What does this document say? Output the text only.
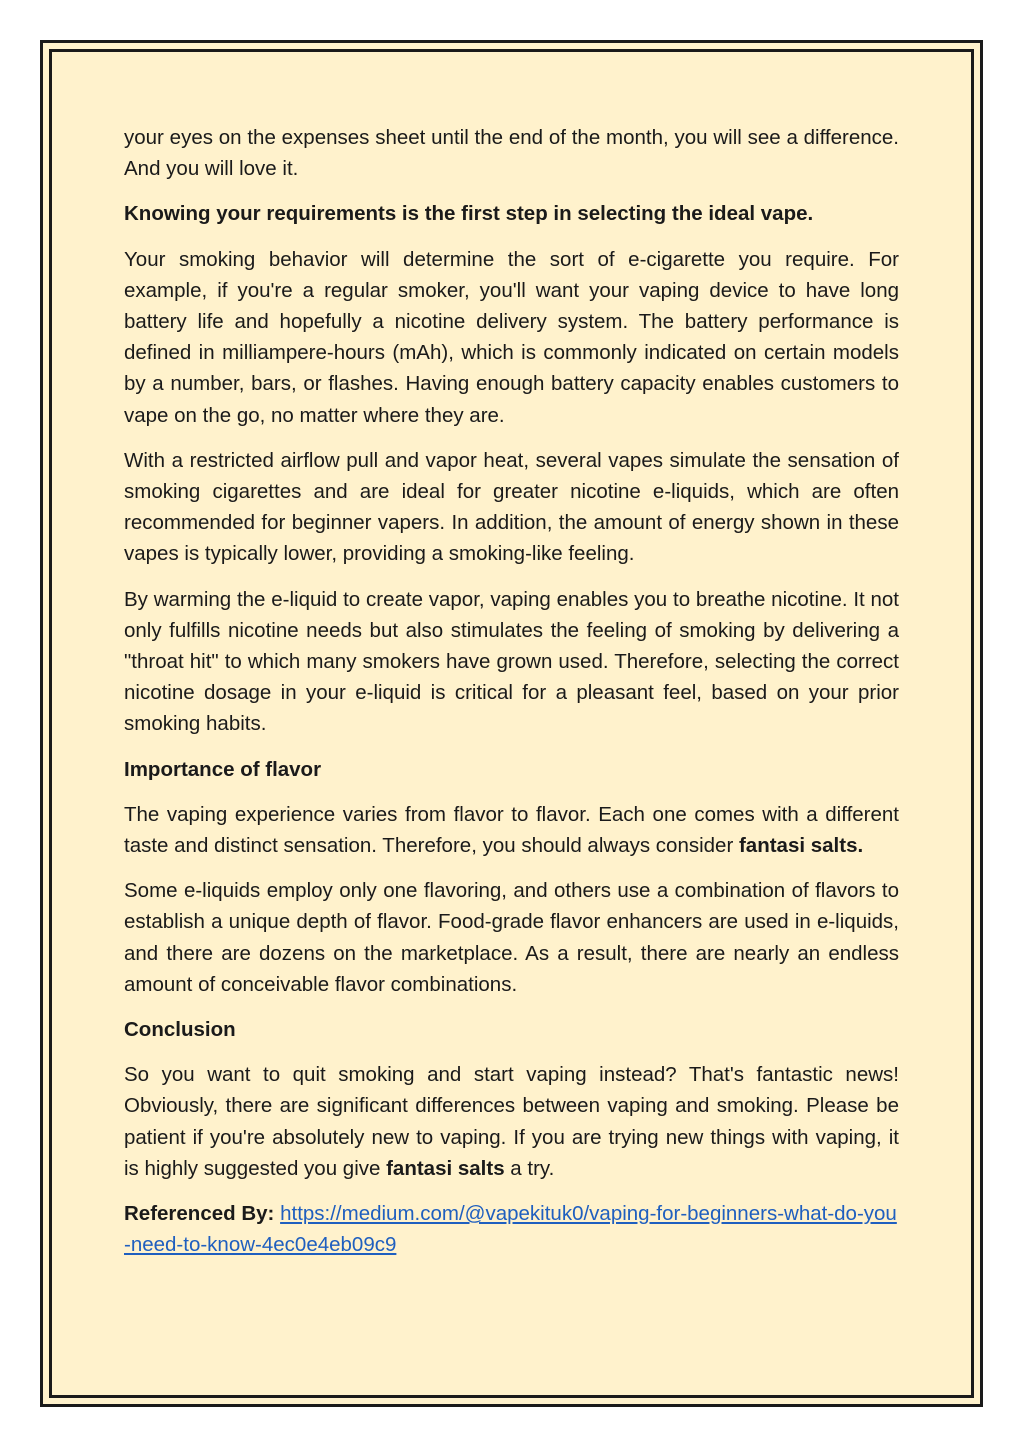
your eyes on the expenses sheet until the end of the month, you will see a difference. And you will love it.

Knowing your requirements is the first step in selecting the ideal vape.

Your smoking behavior will determine the sort of e-cigarette you require. For example, if you're a regular smoker, you'll want your vaping device to have long battery life and hopefully a nicotine delivery system. The battery performance is defined in milliampere-hours (mAh), which is commonly indicated on certain models by a number, bars, or flashes. Having enough battery capacity enables customers to vape on the go, no matter where they are.

With a restricted airflow pull and vapor heat, several vapes simulate the sensation of smoking cigarettes and are ideal for greater nicotine e-liquids, which are often recommended for beginner vapers. In addition, the amount of energy shown in these vapes is typically lower, providing a smoking-like feeling.

By warming the e-liquid to create vapor, vaping enables you to breathe nicotine. It not only fulfills nicotine needs but also stimulates the feeling of smoking by delivering a "throat hit" to which many smokers have grown used. Therefore, selecting the correct nicotine dosage in your e-liquid is critical for a pleasant feel, based on your prior smoking habits.

Importance of flavor

The vaping experience varies from flavor to flavor. Each one comes with a different taste and distinct sensation. Therefore, you should always consider fantasi salts.

Some e-liquids employ only one flavoring, and others use a combination of flavors to establish a unique depth of flavor. Food-grade flavor enhancers are used in e-liquids, and there are dozens on the marketplace. As a result, there are nearly an endless amount of conceivable flavor combinations.

Conclusion

So you want to quit smoking and start vaping instead? That's fantastic news! Obviously, there are significant differences between vaping and smoking. Please be patient if you're absolutely new to vaping. If you are trying new things with vaping, it is highly suggested you give fantasi salts a try.

Referenced By: https://medium.com/@vapekituk0/vaping-for-beginners-what-do-you-need-to-know-4ec0e4eb09c9
